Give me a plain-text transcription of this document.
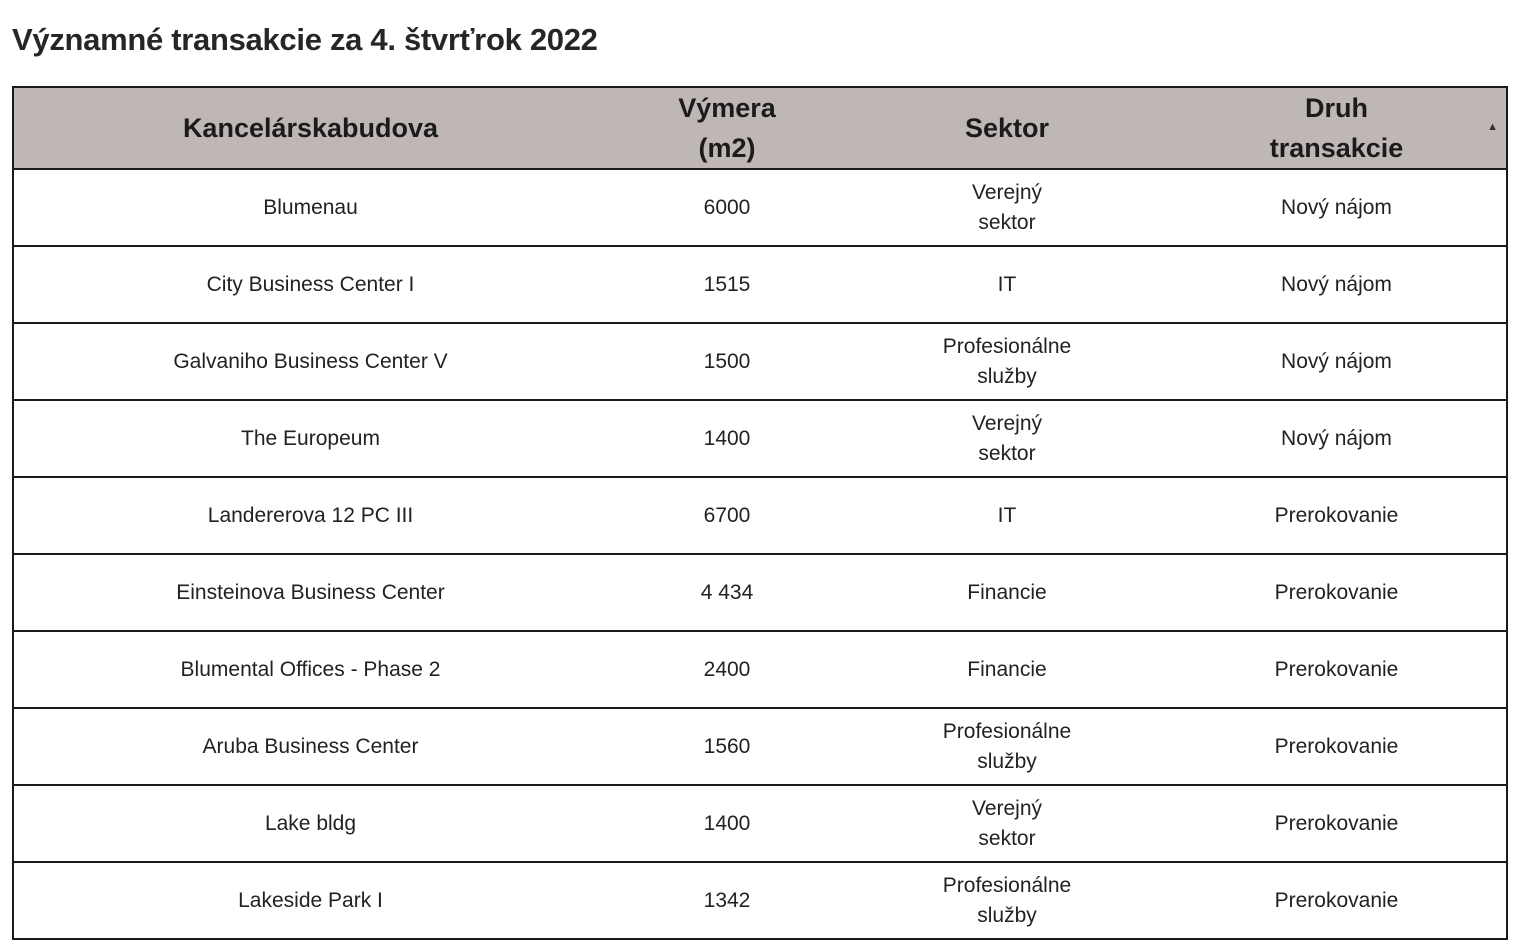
Významné transakcie za 4. štvrťrok 2022
Kancelárskabudova	Výmera (m2)	Sektor	Druh transakcie
▲

Blumenau	6000	Verejný sektor	Nový nájom
City Business Center I	1515	IT	Nový nájom
Galvaniho Business Center V	1500	Profesionálne služby	Nový nájom
The Europeum	1400	Verejný sektor	Nový nájom
Landererova 12 PC III	6700	IT	Prerokovanie
Einsteinova Business Center	4 434	Financie	Prerokovanie
Blumental Offices - Phase 2	2400	Financie	Prerokovanie
Aruba Business Center	1560	Profesionálne služby	Prerokovanie
Lake bldg	1400	Verejný sektor	Prerokovanie
Lakeside Park I	1342	Profesionálne služby	Prerokovanie
